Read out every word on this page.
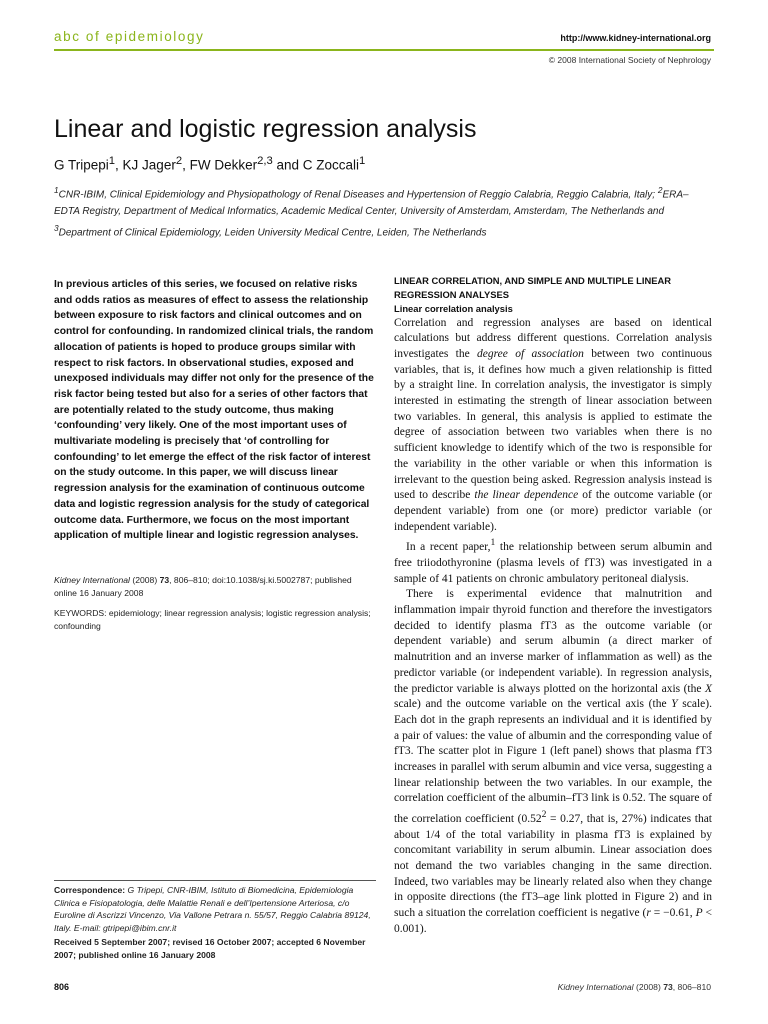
abc of epidemiology	http://www.kidney-international.org
© 2008 International Society of Nephrology
Linear and logistic regression analysis
G Tripepi$^1$, KJ Jager$^2$, FW Dekker$^{2,3}$ and C Zoccali$^1$
$^1$CNR-IBIM, Clinical Epidemiology and Physiopathology of Renal Diseases and Hypertension of Reggio Calabria, Reggio Calabria, Italy; $^2$ERA–EDTA Registry, Department of Medical Informatics, Academic Medical Center, University of Amsterdam, Amsterdam, The Netherlands and $^3$Department of Clinical Epidemiology, Leiden University Medical Centre, Leiden, The Netherlands
In previous articles of this series, we focused on relative risks and odds ratios as measures of effect to assess the relationship between exposure to risk factors and clinical outcomes and on control for confounding. In randomized clinical trials, the random allocation of patients is hoped to produce groups similar with respect to risk factors. In observational studies, exposed and unexposed individuals may differ not only for the presence of the risk factor being tested but also for a series of other factors that are potentially related to the study outcome, thus making ‘confounding’ very likely. One of the most important uses of multivariate modeling is precisely that ‘of controlling for confounding’ to let emerge the effect of the risk factor of interest on the study outcome. In this paper, we will discuss linear regression analysis for the examination of continuous outcome data and logistic regression analysis for the study of categorical outcome data. Furthermore, we focus on the most important application of multiple linear and logistic regression analyses.
Kidney International (2008) 73, 806–810; doi:10.1038/sj.ki.5002787; published online 16 January 2008
KEYWORDS: epidemiology; linear regression analysis; logistic regression analysis; confounding
Correspondence: G Tripepi, CNR-IBIM, Istituto di Biomedicina, Epidemiologia Clinica e Fisiopatologia, delle Malattie Renali e dell’Ipertensione Arteriosa, c/o Euroline di Ascrizzi Vincenzo, Via Vallone Petrara n. 55/57, Reggio Calabria 89124, Italy. E-mail: gtripepi@ibim.cnr.it
Received 5 September 2007; revised 16 October 2007; accepted 6 November 2007; published online 16 January 2008
LINEAR CORRELATION, AND SIMPLE AND MULTIPLE LINEAR REGRESSION ANALYSES
Linear correlation analysis

Correlation and regression analyses are based on identical calculations but address different questions. Correlation analysis investigates the degree of association between two continuous variables, that is, it defines how much a given relationship is fitted by a straight line. In correlation analysis, the investigator is simply interested in estimating the strength of linear association between two variables. In general, this analysis is applied to estimate the degree of association between two variables when there is no sufficient knowledge to identify which of the two is responsible for the variability in the other variable or when this information is irrelevant to the question being asked. Regression analysis instead is used to describe the linear dependence of the outcome variable (or dependent variable) from one (or more) predictor variable (or independent variable).

In a recent paper,$^1$ the relationship between serum albumin and free triiodothyronine (plasma levels of fT3) was investigated in a sample of 41 patients on chronic ambulatory peritoneal dialysis.

There is experimental evidence that malnutrition and inflammation impair thyroid function and therefore the investigators decided to identify plasma fT3 as the outcome variable (or dependent variable) and serum albumin (a direct marker of malnutrition and an inverse marker of inflammation as well) as the predictor variable (or independent variable). In regression analysis, the predictor variable is always plotted on the horizontal axis (the X scale) and the outcome variable on the vertical axis (the Y scale). Each dot in the graph represents an individual and it is identified by a pair of values: the value of albumin and the corresponding value of fT3. The scatter plot in Figure 1 (left panel) shows that plasma fT3 increases in parallel with serum albumin and vice versa, suggesting a linear relationship between the two variables. In our example, the correlation coefficient of the albumin–fT3 link is 0.52. The square of the correlation coefficient ($0.52^2 = 0.27$, that is, 27%) indicates that about 1/4 of the total variability in plasma fT3 is explained by concomitant variability in serum albumin. Linear association does not demand the two variables changing in the same direction. Indeed, two variables may be linearly related also when they change in opposite directions (the fT3–age link plotted in Figure 2) and in such a situation the correlation coefficient is negative (r = −0.61, P < 0.001).

806	Kidney International (2008) 73, 806–810
